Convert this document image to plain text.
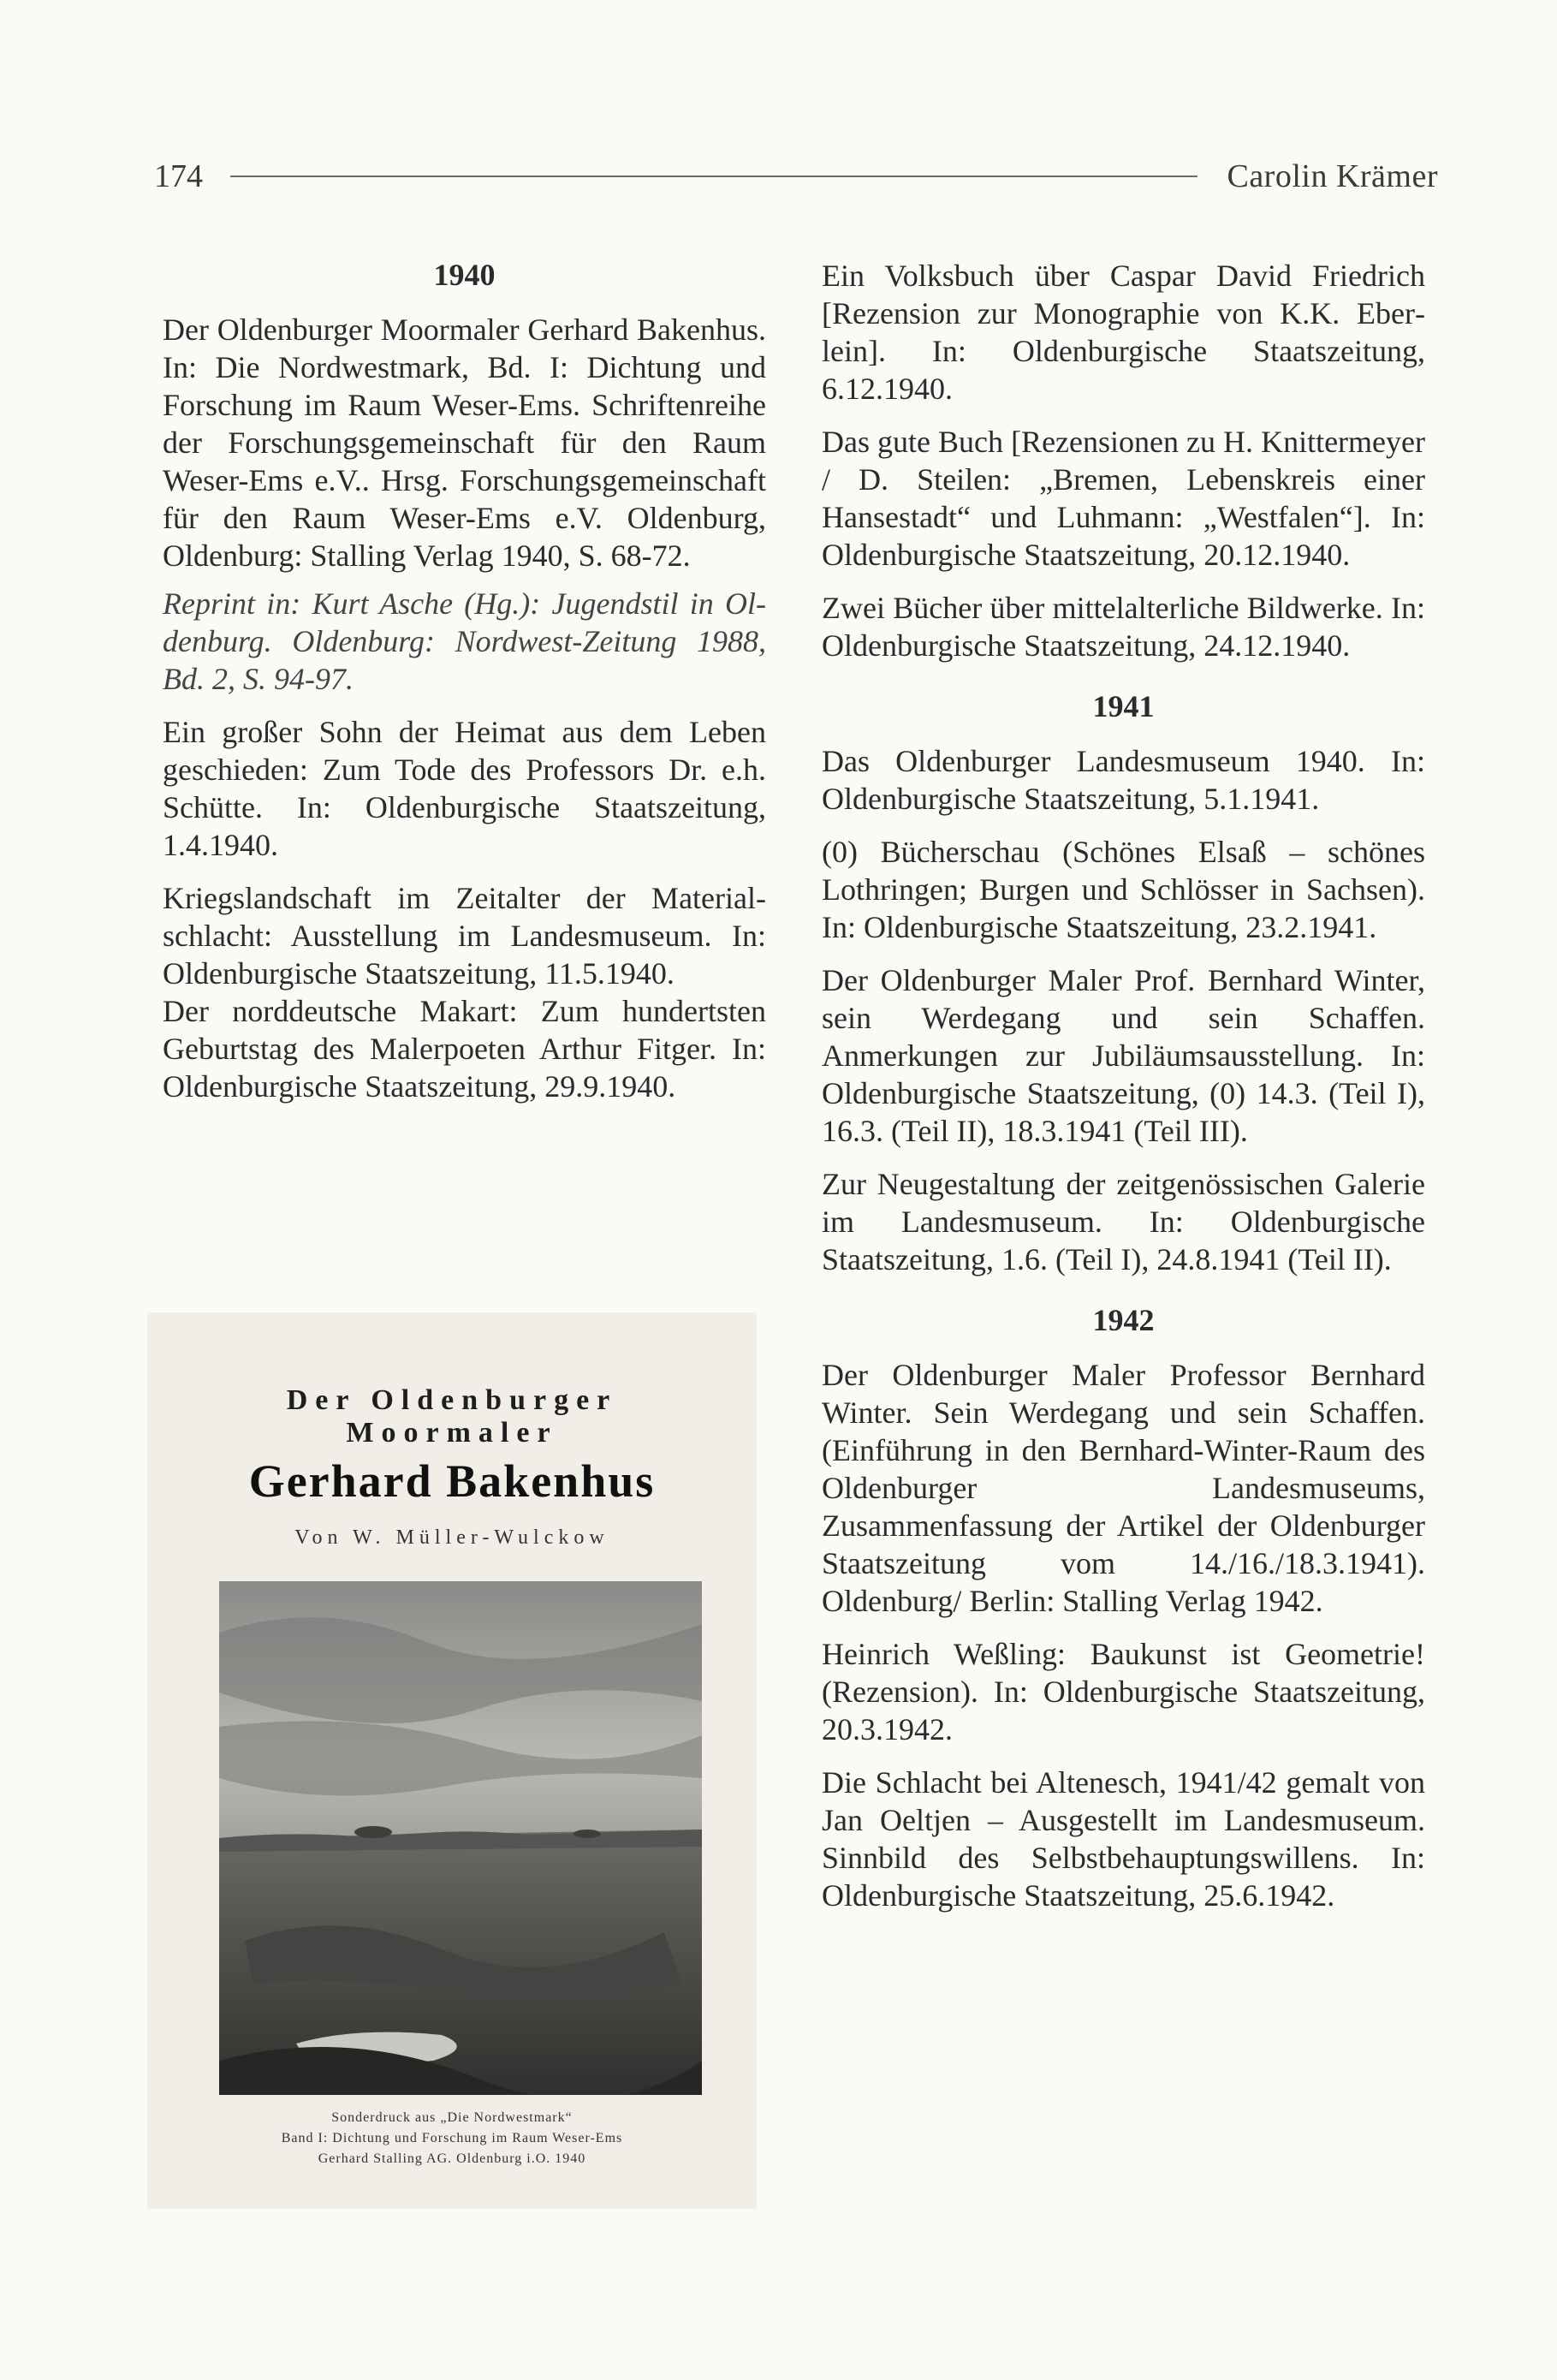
174	Carolin Krämer
1940

Der Oldenburger Moormaler Gerhard Bakenhus. In: Die Nordwestmark, Bd. I: Dichtung und Forschung im Raum Weser-Ems. Schriftenreihe der Forschungsgemeinschaft für den Raum Weser-Ems e.V.. Hrsg. Forschungsgemeinschaft für den Raum Weser-Ems e.V. Oldenburg, Oldenburg: Stalling Verlag 1940, S. 68-72.

Reprint in: Kurt Asche (Hg.): Jugendstil in Oldenburg. Oldenburg: Nordwest-Zeitung 1988, Bd. 2, S. 94-97.

Ein großer Sohn der Heimat aus dem Leben geschieden: Zum Tode des Professors Dr. e.h. Schütte. In: Oldenburgische Staatszeitung, 1.4.1940.

Kriegslandschaft im Zeitalter der Materialschlacht: Ausstellung im Landesmuseum. In: Oldenburgische Staatszeitung, 11.5.1940.

Der norddeutsche Makart: Zum hundertsten Geburtstag des Malerpoeten Arthur Fitger. In: Oldenburgische Staatszeitung, 29.9.1940.

Der Oldenburger Moormaler
Gerhard Bakenhus
Von W. Müller-Wulckow
Sonderdruck aus „Die Nordwestmark“
Band I: Dichtung und Forschung im Raum Weser-Ems
Gerhard Stalling AG. Oldenburg i.O. 1940

Ein Volksbuch über Caspar David Friedrich [Rezension zur Monographie von K.K. Eberlein]. In: Oldenburgische Staatszeitung, 6.12.1940.

Das gute Buch [Rezensionen zu H. Knittermeyer / D. Steilen: „Bremen, Lebenskreis einer Hansestadt“ und Luhmann: „Westfalen“]. In: Oldenburgische Staatszeitung, 20.12.1940.

Zwei Bücher über mittelalterliche Bildwerke. In: Oldenburgische Staatszeitung, 24.12.1940.

1941

Das Oldenburger Landesmuseum 1940. In: Oldenburgische Staatszeitung, 5.1.1941.

(0) Bücherschau (Schönes Elsaß – schönes Lothringen; Burgen und Schlösser in Sachsen). In: Oldenburgische Staatszeitung, 23.2.1941.

Der Oldenburger Maler Prof. Bernhard Winter, sein Werdegang und sein Schaffen. Anmerkungen zur Jubiläumsausstellung. In: Oldenburgische Staatszeitung, (0) 14.3. (Teil I), 16.3. (Teil II), 18.3.1941 (Teil III).

Zur Neugestaltung der zeitgenössischen Galerie im Landesmuseum. In: Oldenburgische Staatszeitung, 1.6. (Teil I), 24.8.1941 (Teil II).

1942

Der Oldenburger Maler Professor Bernhard Winter. Sein Werdegang und sein Schaffen. (Einführung in den Bernhard-Winter-Raum des Oldenburger Landesmuseums, Zusammenfassung der Artikel der Oldenburger Staatszeitung vom 14./16./18.3.1941). Oldenburg/ Berlin: Stalling Verlag 1942.

Heinrich Weßling: Baukunst ist Geometrie! (Rezension). In: Oldenburgische Staatszeitung, 20.3.1942.

Die Schlacht bei Altenesch, 1941/42 gemalt von Jan Oeltjen – Ausgestellt im Landesmuseum. Sinnbild des Selbstbehauptungswillens. In: Oldenburgische Staatszeitung, 25.6.1942.
